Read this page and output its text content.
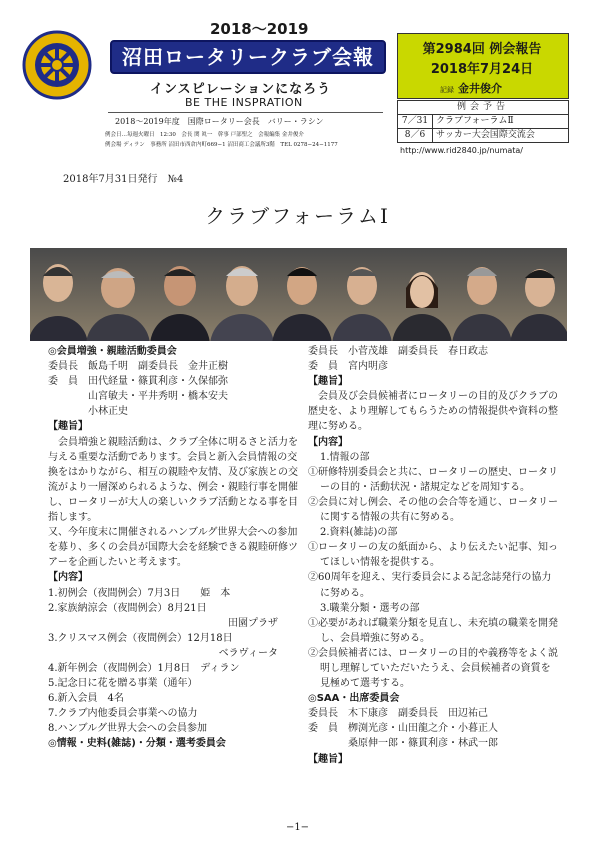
2018〜2019
沼田ロータリークラブ会報
インスピレーションになろう
BE THE INSPRATION
2018〜2019年度　国際ロータリー会長　バリー・ラシン
例会日…毎週火曜日　12:30　会長 関 眞一　幹事 戸部聖之　会報編集 金井俊介
例会場 ディラン　事務所 沼田市西倉内町669−1 沼田商工会議所3階　TEL 0278−24−1177
第2984回 例会報告
2018年7月24日
記録 金井俊介
例会予告
7／31 クラブフォーラムⅡ
8／6	サッカー大会国際交流会
http://www.rid2840.jp/numata/
2018年7月31日発行　№4
クラブフォーラムⅠ
◎会員増強・親睦活動委員会
委員長　飯島千明　副委員長　金井正樹
委　員　田代経量・篠貫利彦・久保郁弥
山宮敏夫・平井秀明・橋本安夫
小林正史
【趣旨】
会員増強と親睦活動は、クラブ全体に明るさと活力を与える重要な活動であります。会員と新入会員情報の交換をはかりながら、相互の親睦や友情、及び家族との交流がより一層深められるような、例会・親睦行事を開催し、ロータリーが大人の楽しいクラブ活動となる事を目指します。
又、今年度末に開催されるハンブルグ世界大会への参加を募り、多くの会員が国際大会を経験できる親睦研修ツアーを企画したいと考えます。
【内容】
1.初例会（夜間例会）7月3日　　姫　本
2.家族納涼会（夜間例会）8月21日
田園プラザ
3.クリスマス例会（夜間例会）12月18日
ベラヴィータ
4.新年例会（夜間例会）1月8日　ディラン
5.記念日に花を贈る事業（通年）
6.新入会員　4名
7.クラブ内他委員会事業への協力
8.ハンブルグ世界大会への会員参加
◎情報・史料(雑誌)・分類・選考委員会
委員長　小菅茂雄　副委員長　春日政志
委　員　宮内明彦
【趣旨】
会員及び会員候補者にロータリーの目的及びクラブの歴史を、より理解してもらうための情報提供や資料の整理に努める。
【内容】
1.情報の部
①研修特別委員会と共に、ロータリーの歴史、ロータリーの目的・活動状況・諸規定などを周知する。
②会員に対し例会、その他の会合等を通じ、ロータリーに関する情報の共有に努める。
2.資料(雑誌)の部
①ロータリーの友の紙面から、より伝えたい記事、知ってほしい情報を提供する。
②60周年を迎え、実行委員会による記念誌発行の協力に努める。
3.職業分類・選考の部
①必要があれば職業分類を見直し、未充填の職業を開発し、会員増強に努める。
②会員候補者には、ロータリーの目的や義務等をよく説明し理解していただいたうえ、会員候補者の資質を見極めて選考する。
◎SAA・出席委員会
委員長　木下康彦　副委員長　田辺祐己
委　員　栁渕光彦・山田龍之介・小暮正人
桑原伸一郎・篠貫利彦・林武一郎
【趣旨】
−1−
